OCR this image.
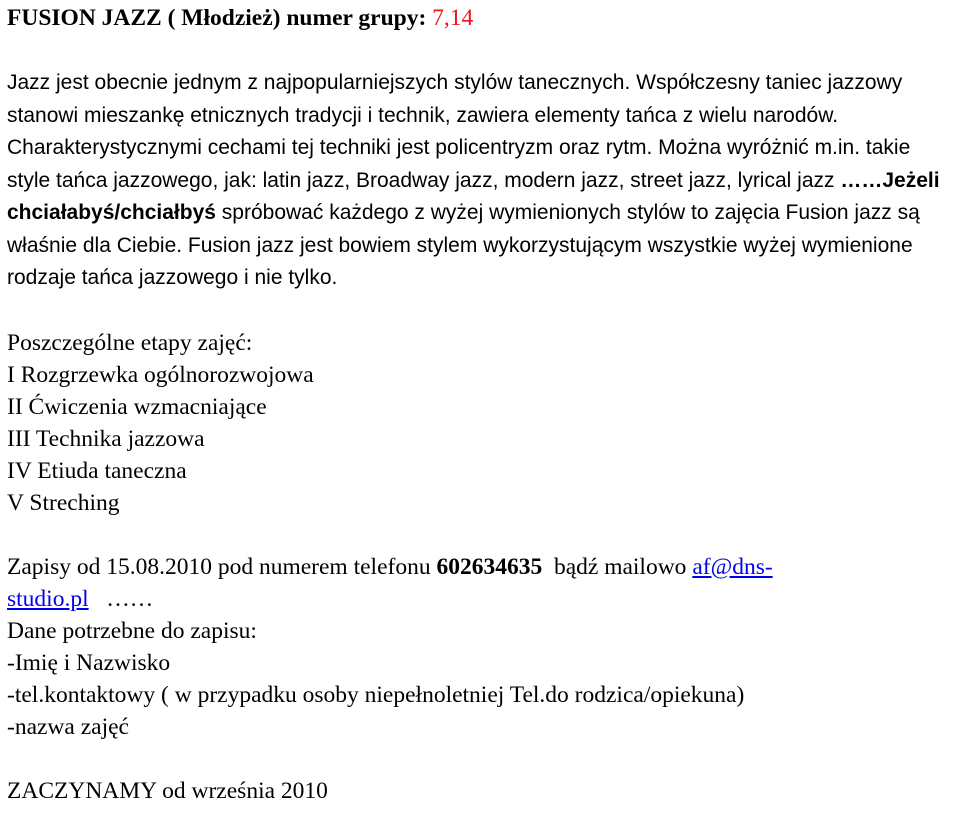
FUSION JAZZ ( Młodzież) numer grupy: 7,14
Jazz jest obecnie jednym z najpopularniejszych stylów tanecznych. Współczesny taniec jazzowy stanowi mieszankę etnicznych tradycji i technik, zawiera elementy tańca z wielu narodów. Charakterystycznymi cechami tej techniki jest policentryzm oraz rytm. Można wyróżnić m.in. takie style tańca jazzowego, jak: latin jazz, Broadway jazz, modern jazz, street jazz, lyrical jazz ……Jeżeli chciałabyś/chciałbyś spróbować każdego z wyżej wymienionych stylów to zajęcia Fusion jazz są właśnie dla Ciebie. Fusion jazz jest bowiem stylem wykorzystującym wszystkie wyżej wymienione rodzaje tańca jazzowego i nie tylko.
Poszczególne etapy zajęć:
I Rozgrzewka ogólnorozwojowa
II Ćwiczenia wzmacniające
III Technika jazzowa
IV Etiuda taneczna
V Streching
Zapisy od 15.08.2010 pod numerem telefonu 602634635  bądź mailowo af@dns-
studio.pl   ……
Dane potrzebne do zapisu:
-Imię i Nazwisko
-tel.kontaktowy ( w przypadku osoby niepełnoletniej Tel.do rodzica/opiekuna)
-nazwa zajęć
ZACZYNAMY od września 2010
